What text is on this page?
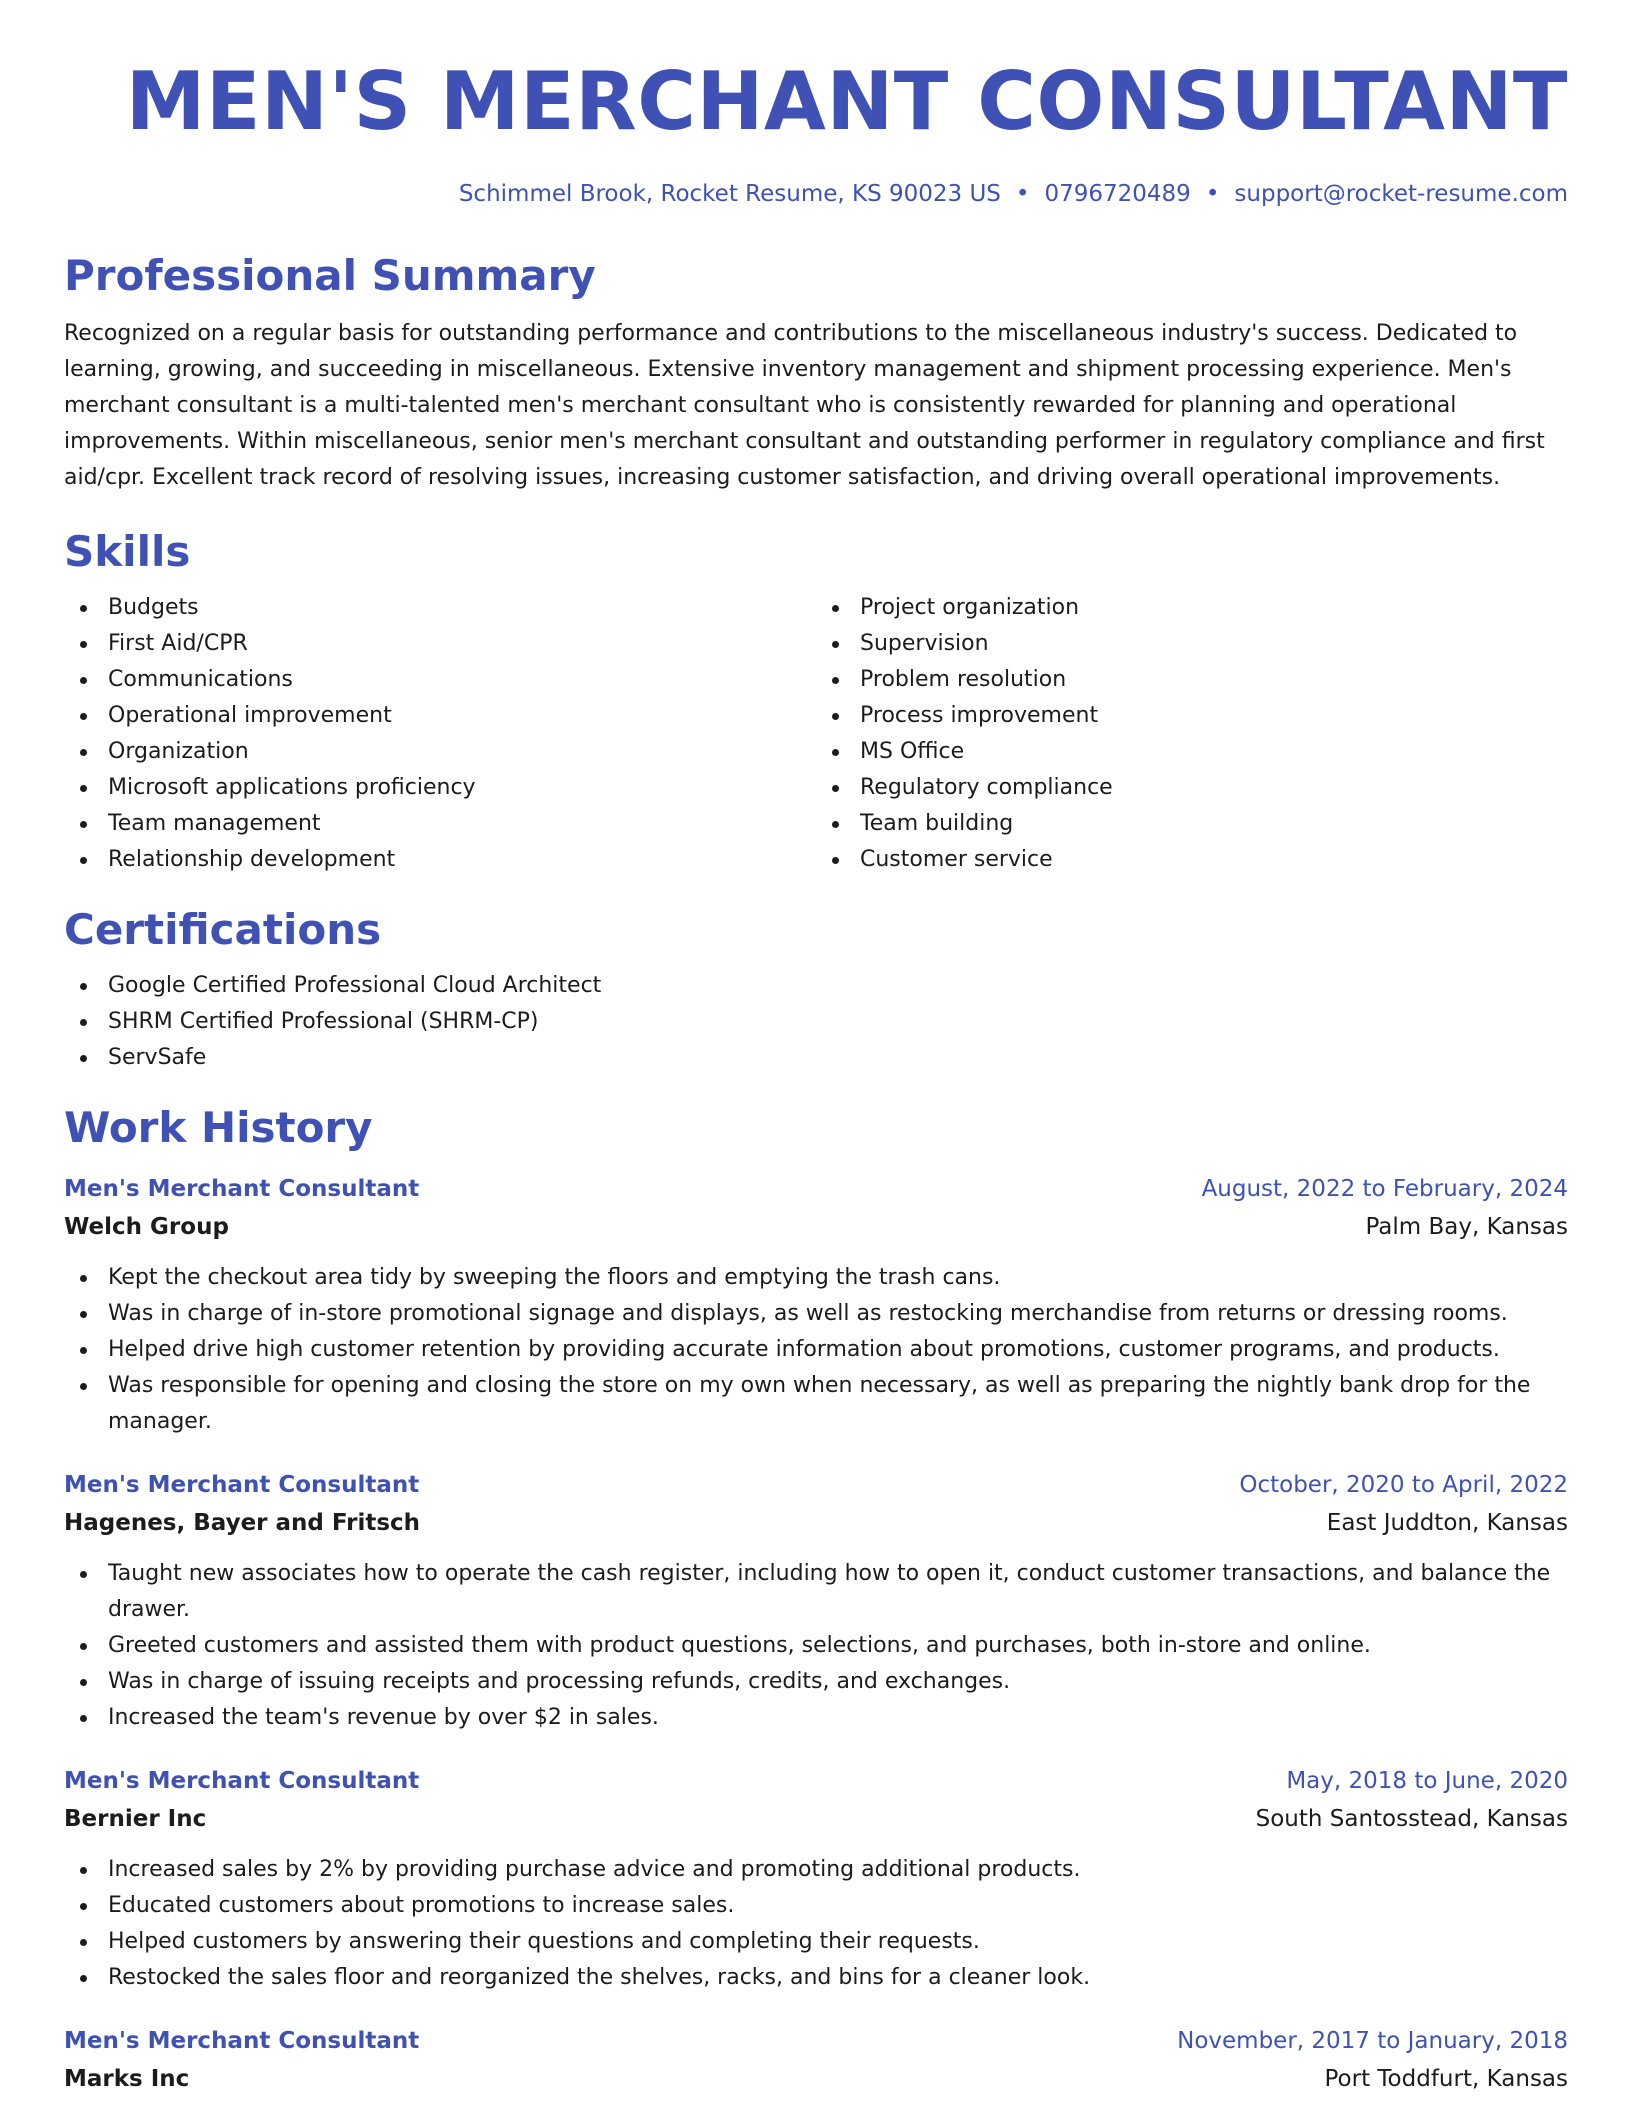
MEN'S MERCHANT CONSULTANT
Schimmel Brook, Rocket Resume, KS 90023 US • 0796720489 • support@rocket-resume.com
Professional Summary

Recognized on a regular basis for outstanding performance and contributions to the miscellaneous industry's success. Dedicated to learning, growing, and succeeding in miscellaneous. Extensive inventory management and shipment processing experience. Men's merchant consultant is a multi-talented men's merchant consultant who is consistently rewarded for planning and operational improvements. Within miscellaneous, senior men's merchant consultant and outstanding performer in regulatory compliance and first aid/cpr. Excellent track record of resolving issues, increasing customer satisfaction, and driving overall operational improvements.

Skills
Budgets
First Aid/CPR
Communications
Operational improvement
Organization
Microsoft applications proficiency
Team management
Relationship development
Project organization
Supervision
Problem resolution
Process improvement
MS Office
Regulatory compliance
Team building
Customer service
Certifications
Google Certified Professional Cloud Architect
SHRM Certified Professional (SHRM-CP)
ServSafe
Work History
Men's Merchant Consultant	August, 2022 to February, 2024
Welch Group	Palm Bay, Kansas
Kept the checkout area tidy by sweeping the floors and emptying the trash cans.
Was in charge of in-store promotional signage and displays, as well as restocking merchandise from returns or dressing rooms.
Helped drive high customer retention by providing accurate information about promotions, customer programs, and products.
Was responsible for opening and closing the store on my own when necessary, as well as preparing the nightly bank drop for the manager.
Men's Merchant Consultant	October, 2020 to April, 2022
Hagenes, Bayer and Fritsch	East Juddton, Kansas
Taught new associates how to operate the cash register, including how to open it, conduct customer transactions, and balance the drawer.
Greeted customers and assisted them with product questions, selections, and purchases, both in-store and online.
Was in charge of issuing receipts and processing refunds, credits, and exchanges.
Increased the team's revenue by over $2 in sales.
Men's Merchant Consultant	May, 2018 to June, 2020
Bernier Inc	South Santosstead, Kansas
Increased sales by 2% by providing purchase advice and promoting additional products.
Educated customers about promotions to increase sales.
Helped customers by answering their questions and completing their requests.
Restocked the sales floor and reorganized the shelves, racks, and bins for a cleaner look.
Men's Merchant Consultant	November, 2017 to January, 2018
Marks Inc	Port Toddfurt, Kansas
